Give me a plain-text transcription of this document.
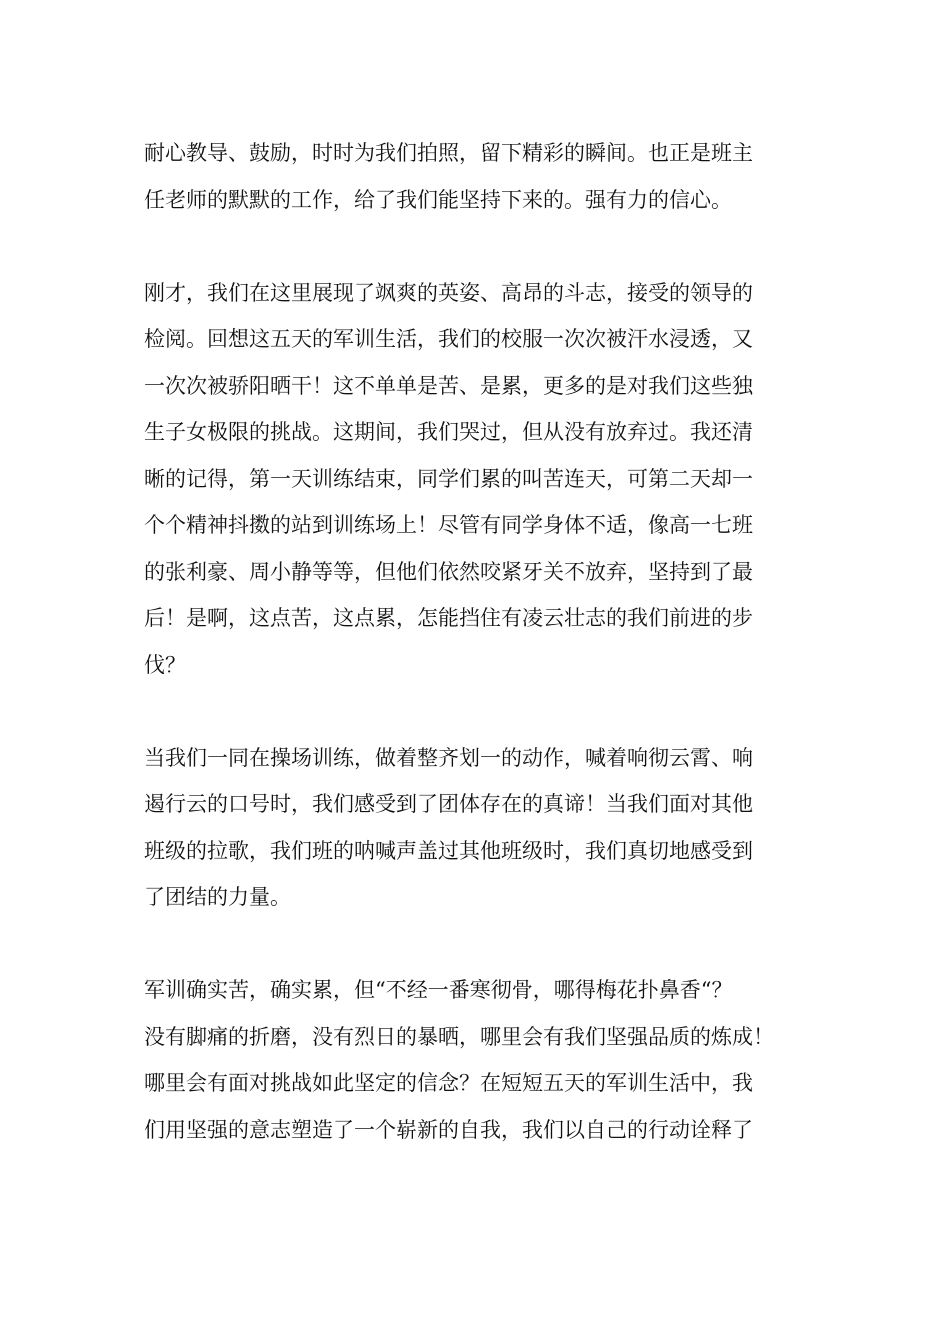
耐心教导、鼓励，时时为我们拍照，留下精彩的瞬间。也正是班主
任老师的默默的工作，给了我们能坚持下来的。强有力的信心。

刚才，我们在这里展现了飒爽的英姿、高昂的斗志，接受的领导的
检阅。回想这五天的军训生活，我们的校服一次次被汗水浸透，又
一次次被骄阳晒干！这不单单是苦、是累，更多的是对我们这些独
生子女极限的挑战。这期间，我们哭过，但从没有放弃过。我还清
晰的记得，第一天训练结束，同学们累的叫苦连天，可第二天却一
个个精神抖擞的站到训练场上！尽管有同学身体不适，像高一七班
的张利豪、周小静等等，但他们依然咬紧牙关不放弃，坚持到了最
后！是啊，这点苦，这点累，怎能挡住有凌云壮志的我们前进的步
伐？

当我们一同在操场训练，做着整齐划一的动作，喊着响彻云霄、响
遏行云的口号时，我们感受到了团体存在的真谛！当我们面对其他
班级的拉歌，我们班的呐喊声盖过其他班级时，我们真切地感受到
了团结的力量。

军训确实苦，确实累，但“不经一番寒彻骨，哪得梅花扑鼻香“？
没有脚痛的折磨，没有烈日的暴晒，哪里会有我们坚强品质的炼成！
哪里会有面对挑战如此坚定的信念？在短短五天的军训生活中，我
们用坚强的意志塑造了一个崭新的自我，我们以自己的行动诠释了
